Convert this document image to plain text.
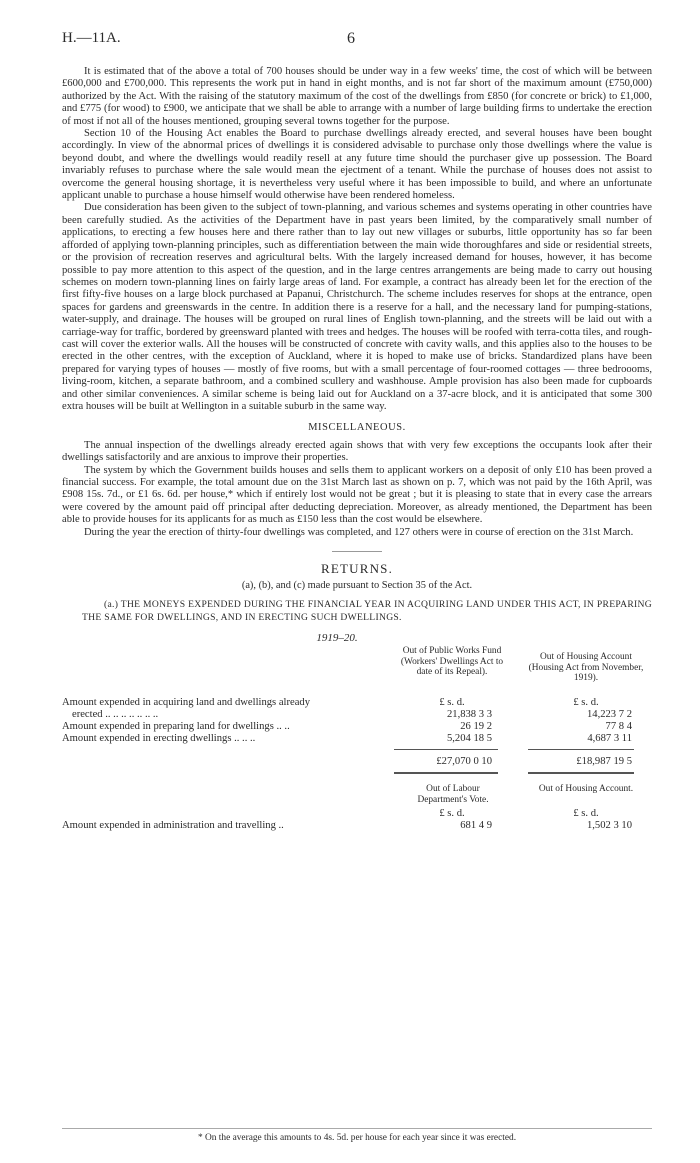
H.—11A.	6

It is estimated that of the above a total of 700 houses should be under way in a few weeks' time, the cost of which will be between £600,000 and £700,000. This represents the work put in hand in eight months, and is not far short of the maximum amount (£750,000) authorized by the Act. With the raising of the statutory maximum of the cost of the dwellings from £850 (for concrete or brick) to £1,000, and £775 (for wood) to £900, we anticipate that we shall be able to arrange with a number of large building firms to undertake the erection of most if not all of the houses mentioned, grouping several towns together for the purpose.

Section 10 of the Housing Act enables the Board to purchase dwellings already erected, and several houses have been bought accordingly. In view of the abnormal prices of dwellings it is considered advisable to purchase only those dwellings where the value is beyond doubt, and where the dwellings would readily resell at any future time should the purchaser give up possession. The Board invariably refuses to purchase where the sale would mean the ejectment of a tenant. While the purchase of houses does not assist to overcome the general housing shortage, it is nevertheless very useful where it has been impossible to build, and where an unfortunate applicant unable to purchase a house himself would otherwise have been rendered homeless.

Due consideration has been given to the subject of town-planning, and various schemes and systems operating in other countries have been carefully studied. As the activities of the Department have in past years been limited, by the comparatively small number of applications, to erecting a few houses here and there rather than to lay out new villages or suburbs, little opportunity has so far been afforded of applying town-planning principles, such as differentiation between the main wide thoroughfares and side or residential streets, or the provision of recreation reserves and agricultural belts. With the largely increased demand for houses, however, it has become possible to pay more attention to this aspect of the question, and in the large centres arrangements are being made to carry out housing schemes on modern town-planning lines on fairly large areas of land. For example, a contract has already been let for the erection of the first fifty-five houses on a large block purchased at Papanui, Christchurch. The scheme includes reserves for shops at the entrance, open spaces for gardens and greenswards in the centre. In addition there is a reserve for a hall, and the necessary land for pumping-stations, water-supply, and drainage. The houses will be grouped on rural lines of English town-planning, and the streets will be laid out with a carriage-way for traffic, bordered by greensward planted with trees and hedges. The houses will be roofed with terra-cotta tiles, and rough-cast will cover the exterior walls. All the houses will be constructed of concrete with cavity walls, and this applies also to the houses to be erected in the other centres, with the exception of Auckland, where it is hoped to make use of bricks. Standardized plans have been prepared for varying types of houses — mostly of five rooms, but with a small percentage of four-roomed cottages — three bedroooms, living-room, kitchen, a separate bathroom, and a combined scullery and washhouse. Ample provision has also been made for cupboards and other similar conveniences. A similar scheme is being laid out for Auckland on a 37-acre block, and it is anticipated that some 300 extra houses will be built at Wellington in a suitable suburb in the same way.

MISCELLANEOUS.

The annual inspection of the dwellings already erected again shows that with very few exceptions the occupants look after their dwellings satisfactorily and are anxious to improve their properties.

The system by which the Government builds houses and sells them to applicant workers on a deposit of only £10 has been proved a financial success. For example, the total amount due on the 31st March last as shown on p. 7, which was not paid by the 16th April, was £908 15s. 7d., or £1 6s. 6d. per house,* which if entirely lost would not be great ; but it is pleasing to state that in every case the arrears were covered by the amount paid off principal after deducting depreciation. Moreover, as already mentioned, the Department has been able to provide houses for its applicants for as much as £150 less than the cost would be elsewhere.

During the year the erection of thirty-four dwellings was completed, and 127 others were in course of erection on the 31st March.

RETURNS.
(a), (b), and (c) made pursuant to Section 35 of the Act.

(a.) THE MONEYS EXPENDED DURING THE FINANCIAL YEAR IN ACQUIRING LAND UNDER THIS ACT, IN PREPARING THE SAME FOR DWELLINGS, AND IN ERECTING SUCH DWELLINGS.

1919–20.
Out of Public Works Fund (Workers' Dwellings Act to date of its Repeal).
Out of Housing Account (Housing Act from November, 1919).
Amount expended in acquiring land and dwellings already	£ s. d.	£ s. d.
erected .. .. .. .. .. .. ..	21,838 3 3	14,223 7 2
Amount expended in preparing land for dwellings .. ..	26 19 2	77 8 4
Amount expended in erecting dwellings .. .. ..	5,204 18 5	4,687 3 11
£27,070 0 10	£18,987 19 5
Out of Labour Department's Vote.
Out of Housing Account.
£ s. d.	£ s. d.
Amount expended in administration and travelling ..	681 4 9	1,502 3 10
* On the average this amounts to 4s. 5d. per house for each year since it was erected.
